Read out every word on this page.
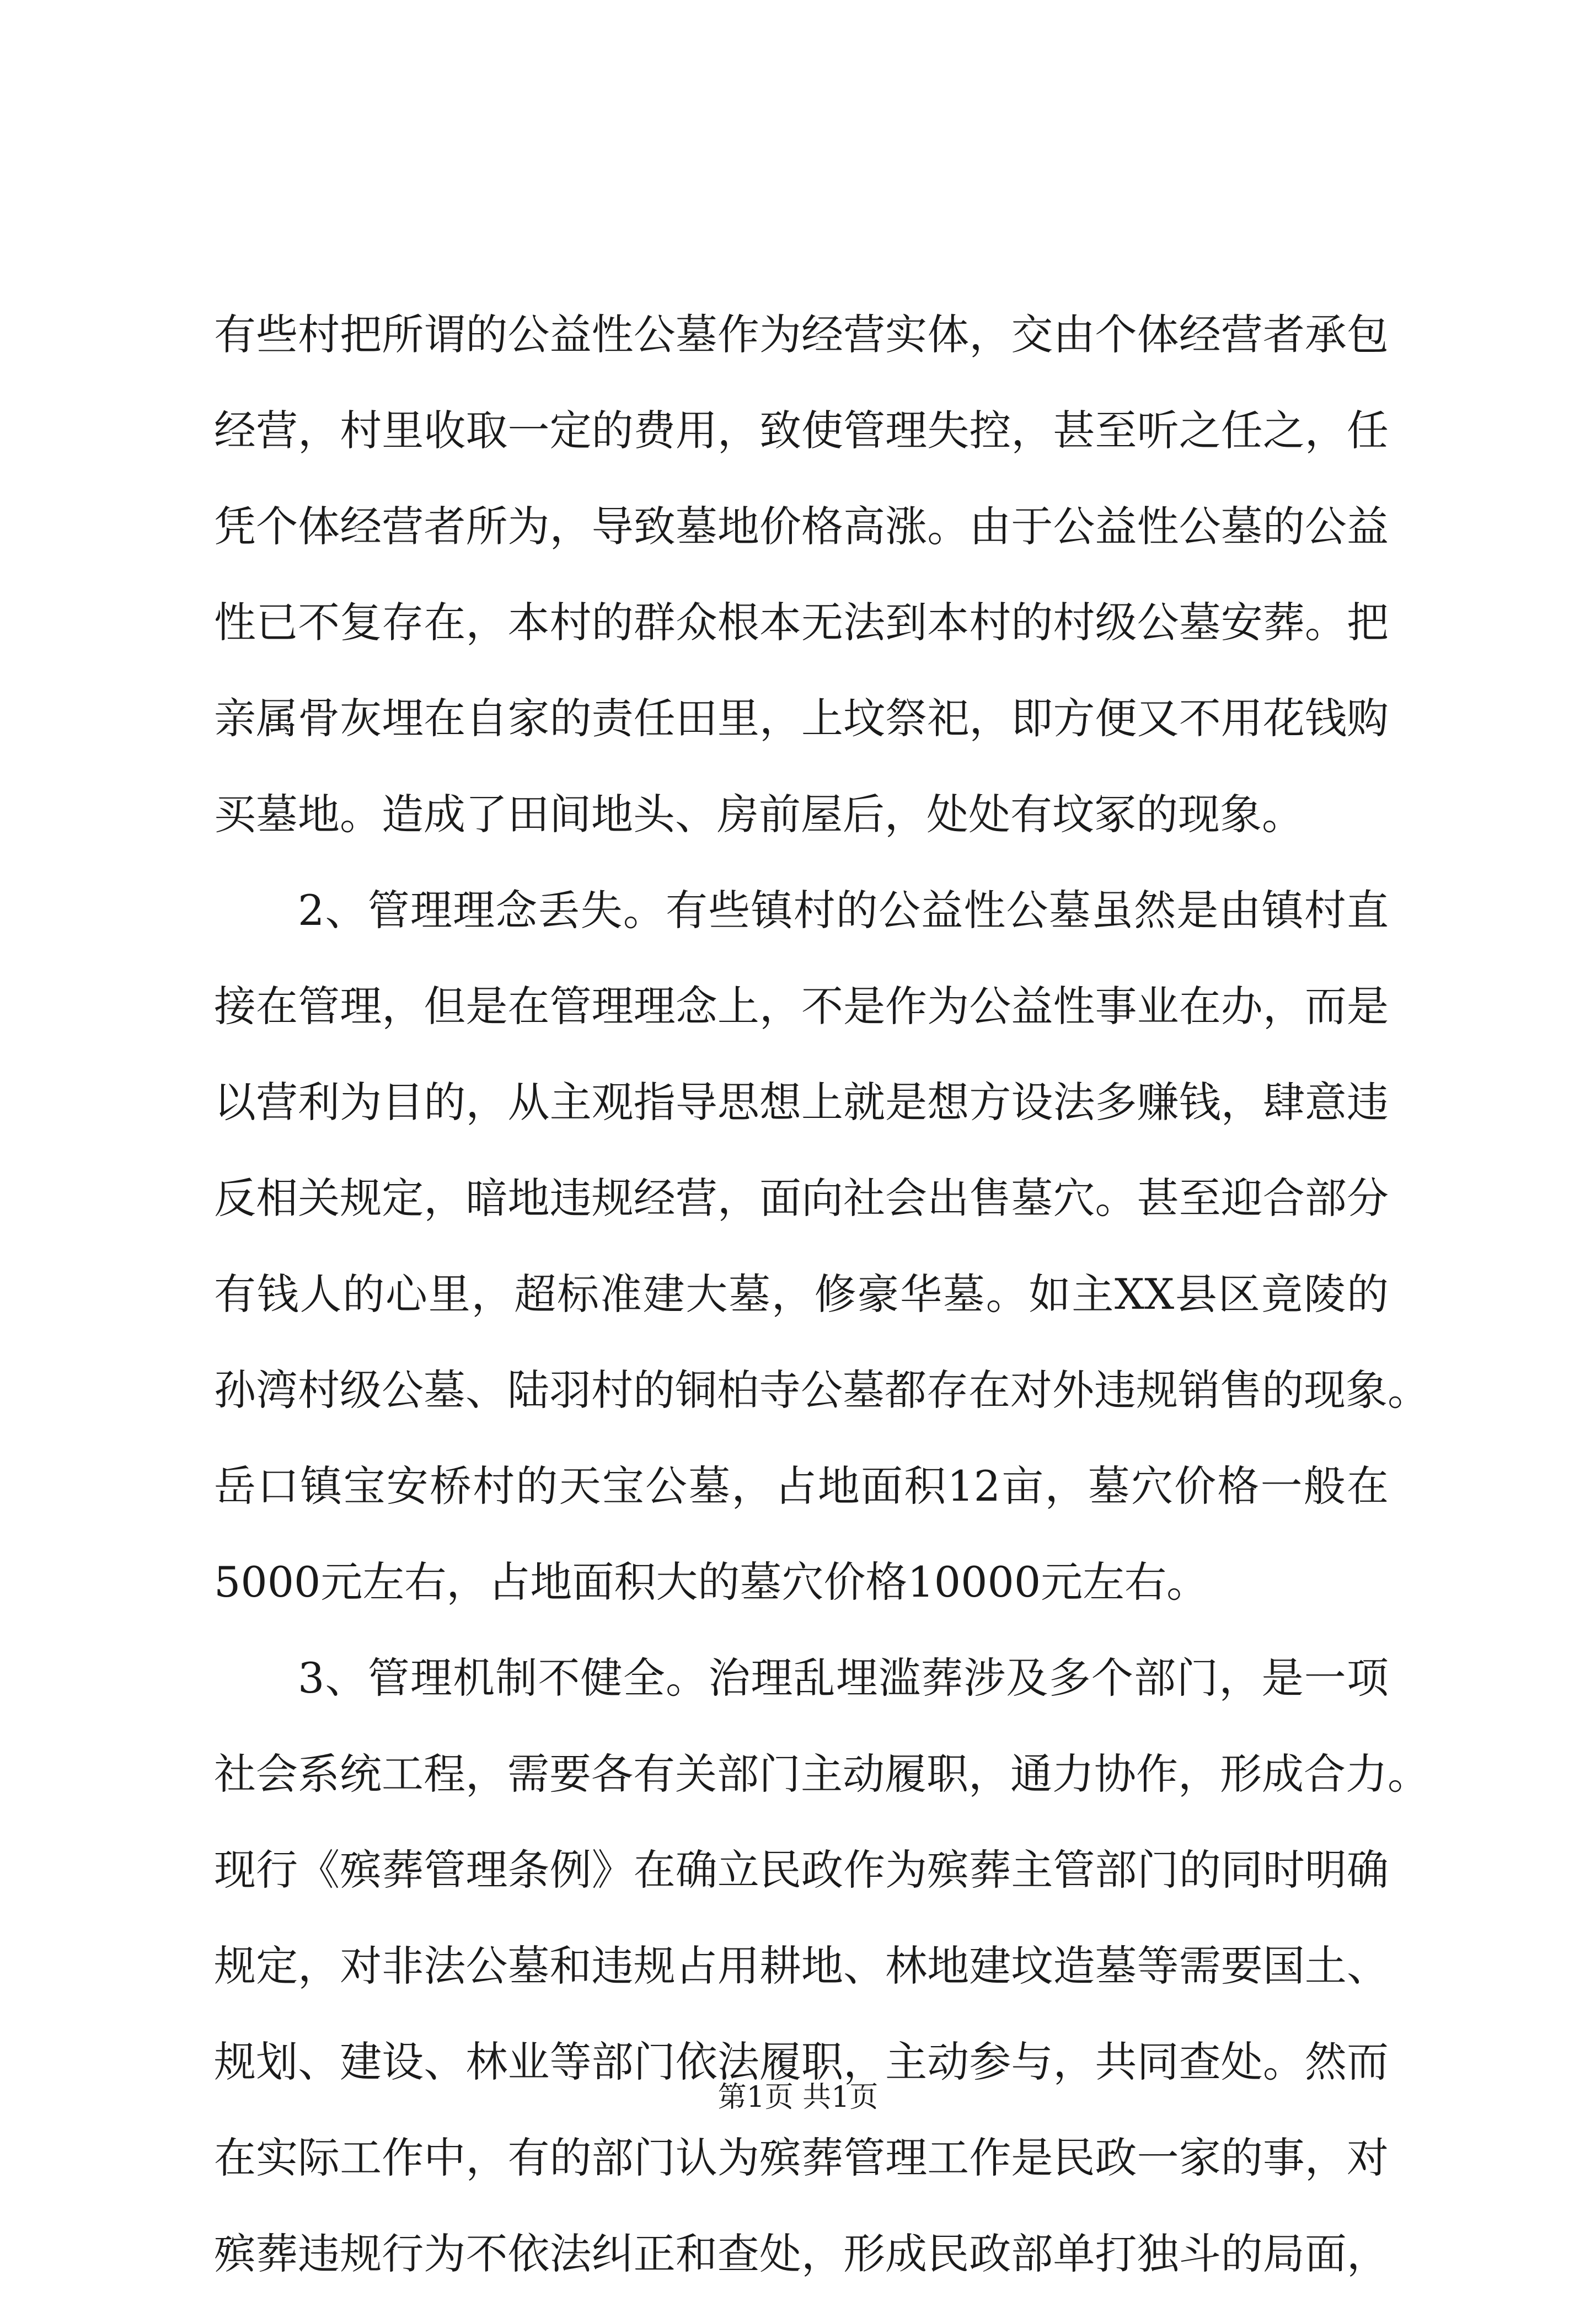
有些村把所谓的公益性公墓作为经营实体，交由个体经营者承包
经营，村里收取一定的费用，致使管理失控，甚至听之任之，任
凭个体经营者所为，导致墓地价格高涨。由于公益性公墓的公益
性已不复存在，本村的群众根本无法到本村的村级公墓安葬。把
亲属骨灰埋在自家的责任田里，上坟祭祀，即方便又不用花钱购
买墓地。造成了田间地头、房前屋后，处处有坟冢的现象。
2、管理理念丢失。有些镇村的公益性公墓虽然是由镇村直
接在管理，但是在管理理念上，不是作为公益性事业在办，而是
以营利为目的，从主观指导思想上就是想方设法多赚钱，肆意违
反相关规定，暗地违规经营，面向社会出售墓穴。甚至迎合部分
有钱人的心里，超标准建大墓，修豪华墓。如主XX县区竟陵的
孙湾村级公墓、陆羽村的铜柏寺公墓都存在对外违规销售的现象。
岳口镇宝安桥村的天宝公墓，占地面积12亩，墓穴价格一般在
5000元左右，占地面积大的墓穴价格10000元左右。
3、管理机制不健全。治理乱埋滥葬涉及多个部门，是一项
社会系统工程，需要各有关部门主动履职，通力协作，形成合力。
现行《殡葬管理条例》在确立民政作为殡葬主管部门的同时明确
规定，对非法公墓和违规占用耕地、林地建坟造墓等需要国土、
规划、建设、林业等部门依法履职，主动参与，共同查处。然而
在实际工作中，有的部门认为殡葬管理工作是民政一家的事，对
殡葬违规行为不依法纠正和查处，形成民政部单打独斗的局面，
第1页 共1页
